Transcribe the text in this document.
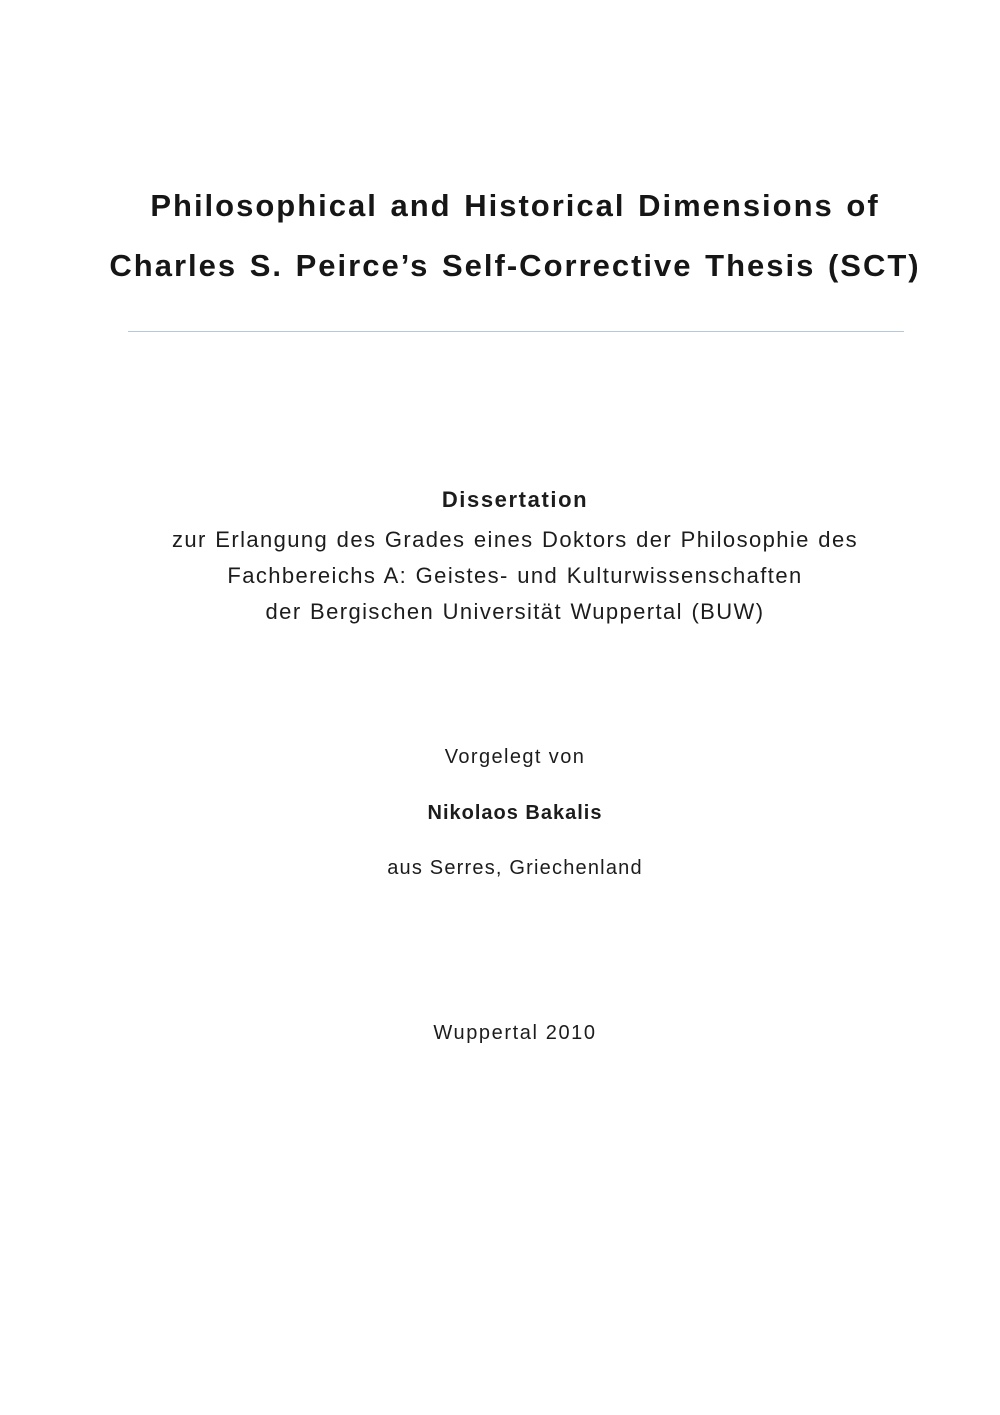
Philosophical and Historical Dimensions of
Charles S. Peirce’s Self-Corrective Thesis (SCT)
Dissertation
zur Erlangung des Grades eines Doktors der Philosophie des
Fachbereichs A: Geistes- und Kulturwissenschaften
der Bergischen Universität Wuppertal (BUW)
Vorgelegt von
Nikolaos Bakalis
aus Serres, Griechenland
Wuppertal 2010
